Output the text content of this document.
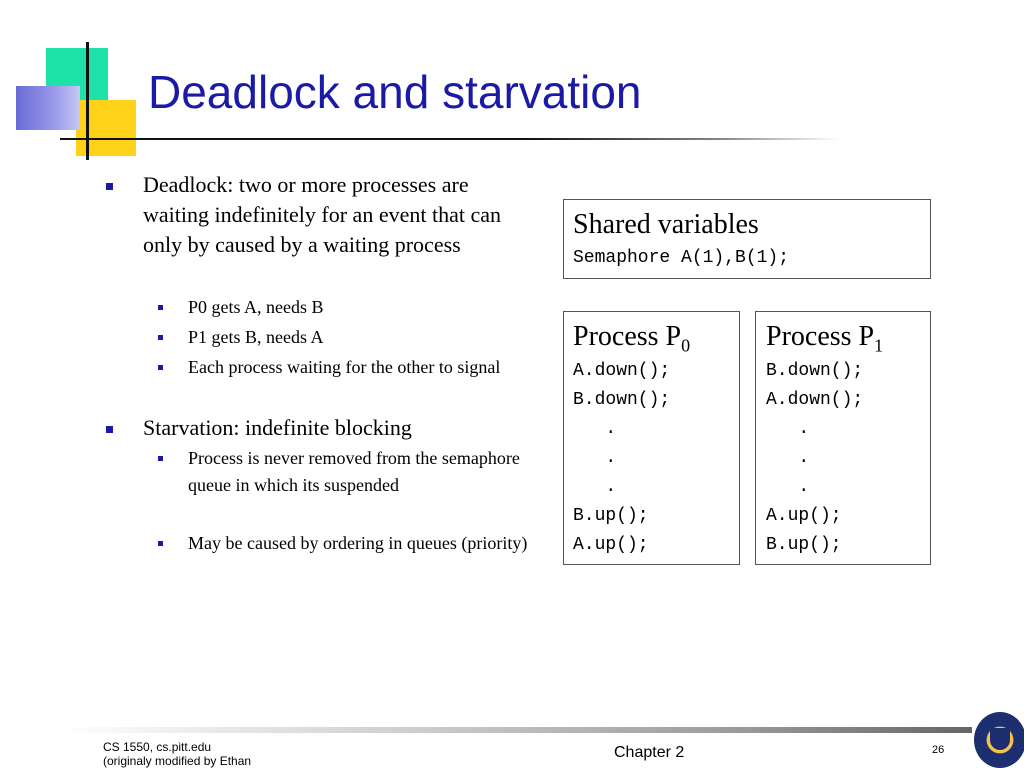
Deadlock and starvation
Deadlock: two or more processes are waiting indefinitely for an event that can only by caused by a waiting process
P0 gets A, needs B
P1 gets B, needs A
Each process waiting for the other to signal
Starvation: indefinite blocking
Process is never removed from the semaphore queue in which its suspended
May be caused by ordering in queues (priority)
Shared variables
Semaphore A(1),B(1);
Process $P_0$
A.down();
B.down();
.
.
.
B.up();
A.up();
Process $P_1$
B.down();
A.down();
.
.
.
A.up();
B.up();
CS 1550, cs.pitt.edu
(originaly modified by Ethan	Chapter 2	26
